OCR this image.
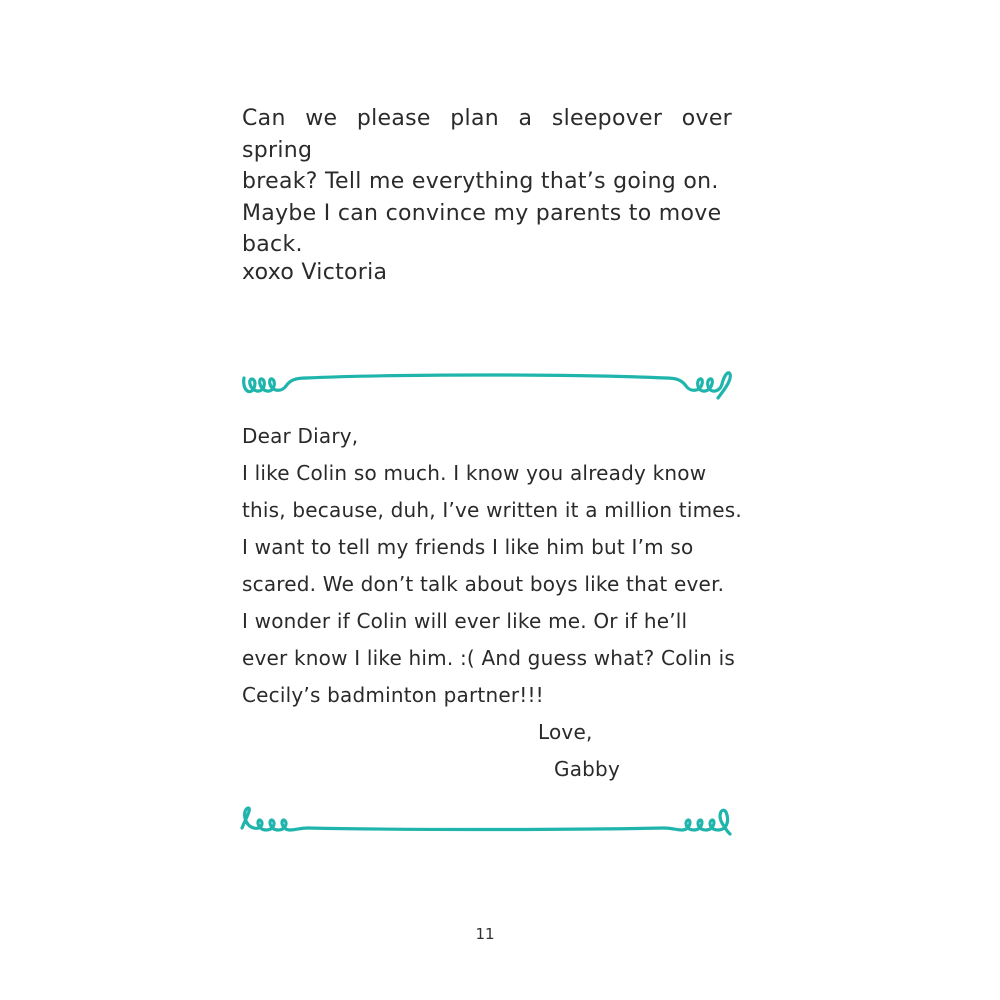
Can we please plan a sleepover over spring

break? Tell me everything that’s going on.

Maybe I can convince my parents to move

back.

xoxo Victoria
Dear Diary,
I like Colin so much. I know you already know
this, because, duh, I’ve written it a million times.
I want to tell my friends I like him but I’m so
scared. We don’t talk about boys like that ever.
I wonder if Colin will ever like me. Or if he’ll
ever know I like him. :( And guess what? Colin is
Cecily’s badminton partner!!!
Love,
Gabby
11
